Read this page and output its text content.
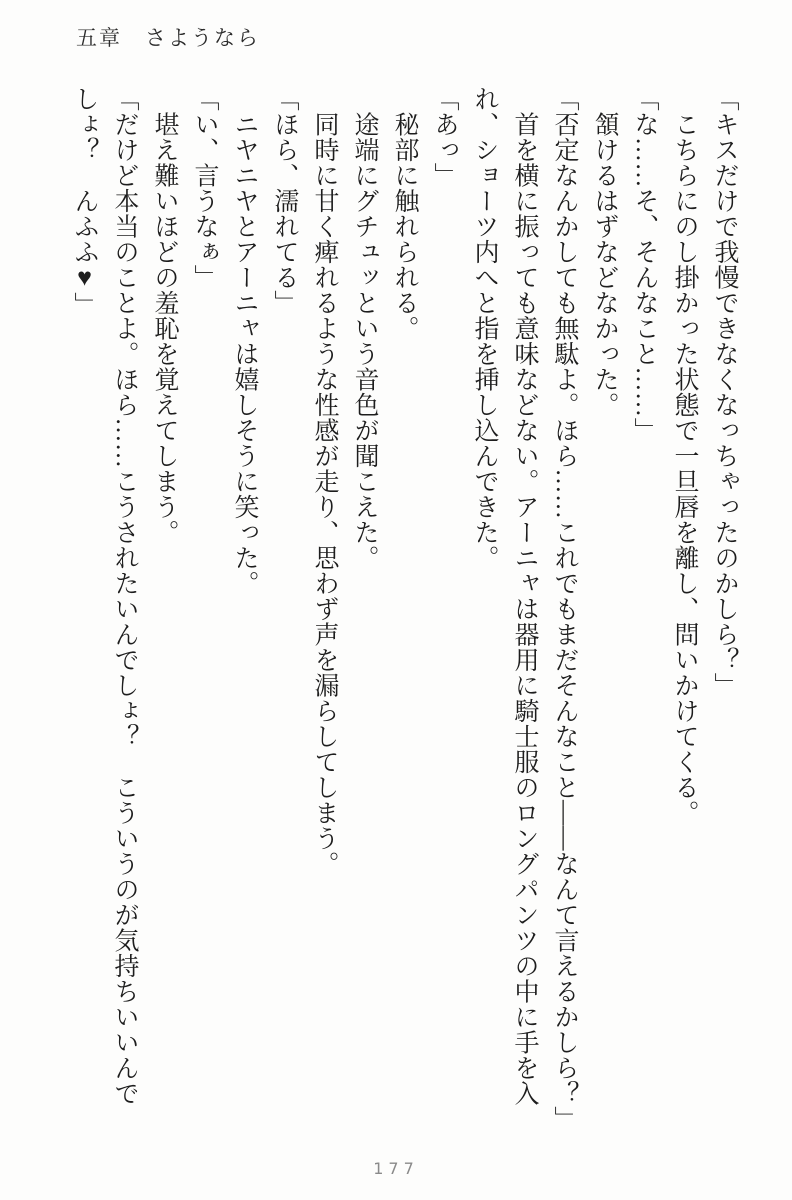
五章　さようなら
「キスだけで我慢できなくなっちゃったのかしら？」
　こちらにのし掛かった状態で一旦唇を離し、問いかけてくる。
「な……そ、そんなこと……」
　頷けるはずなどなかった。
「否定なんかしても無駄よ。ほら……これでもまだそんなこと――なんて言えるかしら？」
　首を横に振っても意味などない。アーニャは器用に騎士服のロングパンツの中に手を入
れ、ショーツ内へと指を挿し込んできた。
「あっ」
　秘部に触れられる。
　途端にグチュッという音色が聞こえた。
　同時に甘く痺れるような性感が走り、思わず声を漏らしてしまう。
「ほら、濡れてる」
　ニヤニヤとアーニャは嬉しそうに笑った。
「い、言うなぁ」
　堪え難いほどの羞恥を覚えてしまう。
「だけど本当のことよ。ほら……こうされたいんでしょ？　こういうのが気持ちいいんで
しょ？　んふふ♥」
177
